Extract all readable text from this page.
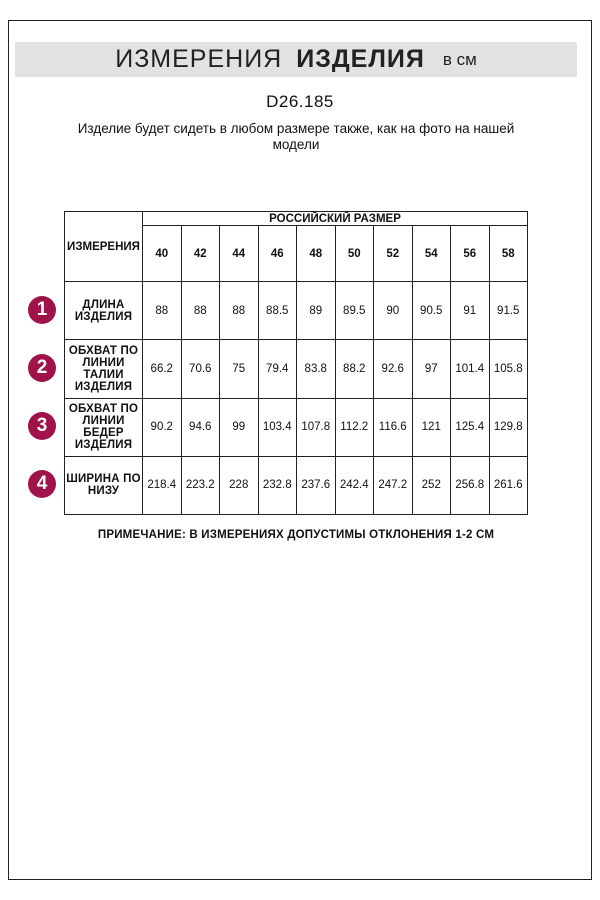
ИЗМЕРЕНИЯ ИЗДЕЛИЯ в см
D26.185
Изделие будет сидеть в любом размере также, как на фото на нашей модели
ИЗМЕРЕНИЯ	РОССИЙСКИЙ РАЗМЕР									
	40	42	44	46	48	50	52	54	56	58
ДЛИНА ИЗДЕЛИЯ	88	88	88	88.5	89	89.5	90	90.5	91	91.5
ОБХВАТ ПО ЛИНИИ ТАЛИИ ИЗДЕЛИЯ	66.2	70.6	75	79.4	83.8	88.2	92.6	97	101.4	105.8
ОБХВАТ ПО ЛИНИИ БЕДЕР ИЗДЕЛИЯ	90.2	94.6	99	103.4	107.8	112.2	116.6	121	125.4	129.8
ШИРИНА ПО НИЗУ	218.4	223.2	228	232.8	237.6	242.4	247.2	252	256.8	261.6
1
2
3
4
ПРИМЕЧАНИЕ: В ИЗМЕРЕНИЯХ ДОПУСТИМЫ ОТКЛОНЕНИЯ 1-2 СМ
